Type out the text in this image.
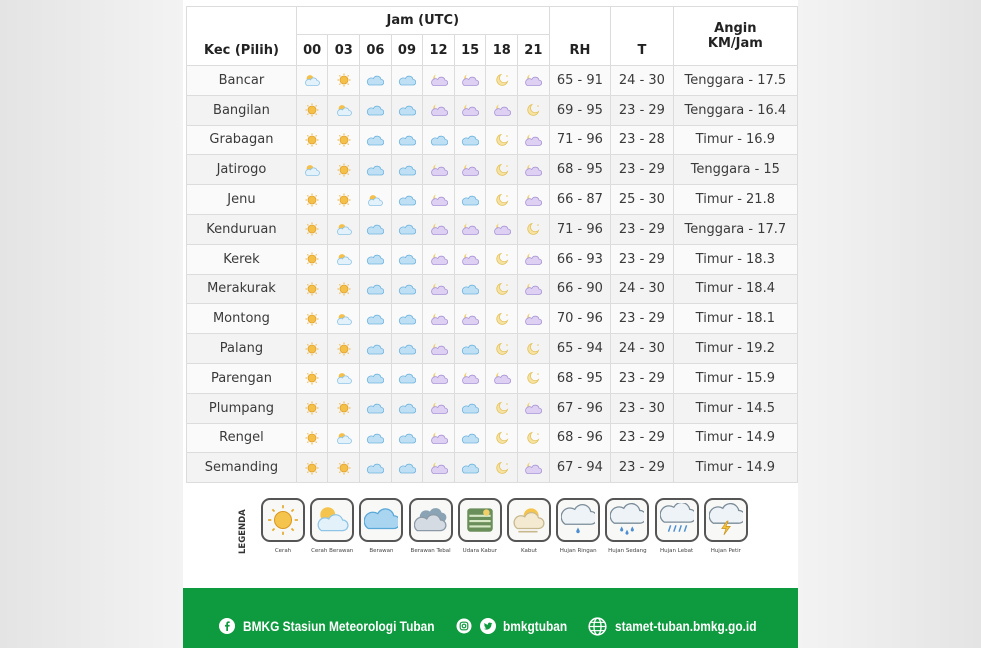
Kec (Pilih)	Jam (UTC)								RH	T	Angin
KM/Jam
	00	03	06	09	12	15	18	21			
Bancar									65 - 91	24 - 30	Tenggara - 17.5
Bangilan									69 - 95	23 - 29	Tenggara - 16.4
Grabagan									71 - 96	23 - 28	Timur - 16.9
Jatirogo									68 - 95	23 - 29	Tenggara - 15
Jenu									66 - 87	25 - 30	Timur - 21.8
Kenduruan									71 - 96	23 - 29	Tenggara - 17.7
Kerek									66 - 93	23 - 29	Timur - 18.3
Merakurak									66 - 90	24 - 30	Timur - 18.4
Montong									70 - 96	23 - 29	Timur - 18.1
Palang									65 - 94	24 - 30	Timur - 19.2
Parengan									68 - 95	23 - 29	Timur - 15.9
Plumpang									67 - 96	23 - 30	Timur - 14.5
Rengel									68 - 96	23 - 29	Timur - 14.9
Semanding									67 - 94	23 - 29	Timur - 14.9
LEGENDA	Cerah	Cerah Berawan	Berawan	Berawan Tebal	Udara Kabur	Kabut	Hujan Ringan	Hujan Sedang	Hujan Lebat	Hujan Petir
BMKG Stasiun Meteorologi Tuban	bmkgtuban	stamet-tuban.bmkg.go.id
